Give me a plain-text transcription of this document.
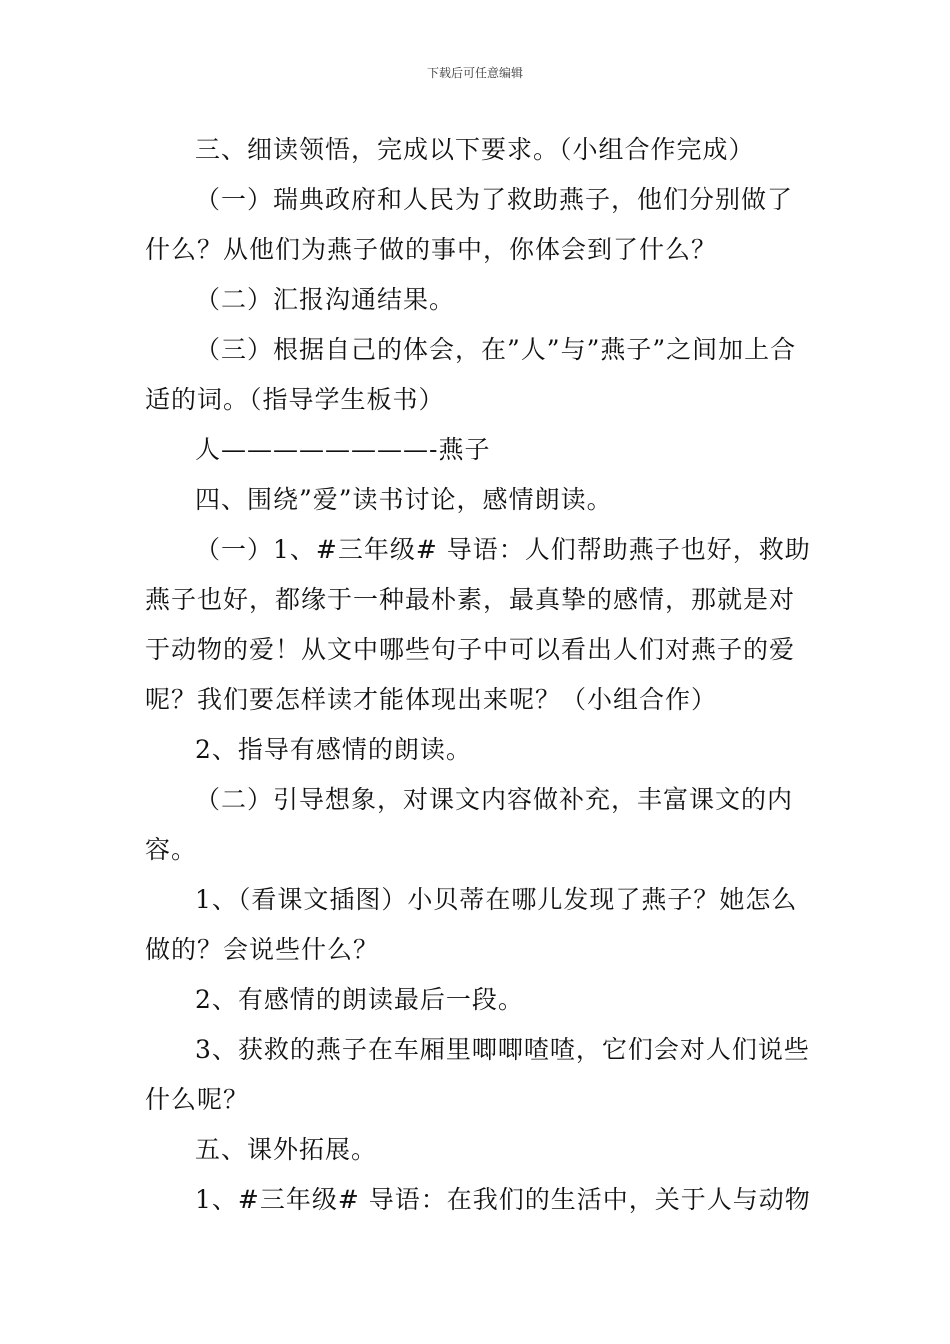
下载后可任意编辑

三、细读领悟，完成以下要求。（小组合作完成）

（一）瑞典政府和人民为了救助燕子，他们分别做了什么？从他们为燕子做的事中，你体会到了什么？

（二）汇报沟通结果。

（三）根据自己的体会，在”人”与”燕子”之间加上合适的词。（指导学生板书）

人————————-燕子

四、围绕”爱”读书讨论，感情朗读。

（一）1、#三年级# 导语：人们帮助燕子也好，救助燕子也好，都缘于一种最朴素，最真挚的感情，那就是对于动物的爱！从文中哪些句子中可以看出人们对燕子的爱呢？我们要怎样读才能体现出来呢？（小组合作）

2、指导有感情的朗读。

（二）引导想象，对课文内容做补充，丰富课文的内容。

1、（看课文插图）小贝蒂在哪儿发现了燕子？她怎么做的？会说些什么？

2、有感情的朗读最后一段。

3、获救的燕子在车厢里唧唧喳喳，它们会对人们说些什么呢？

五、课外拓展。

1、#三年级# 导语：在我们的生活中，关于人与动物
